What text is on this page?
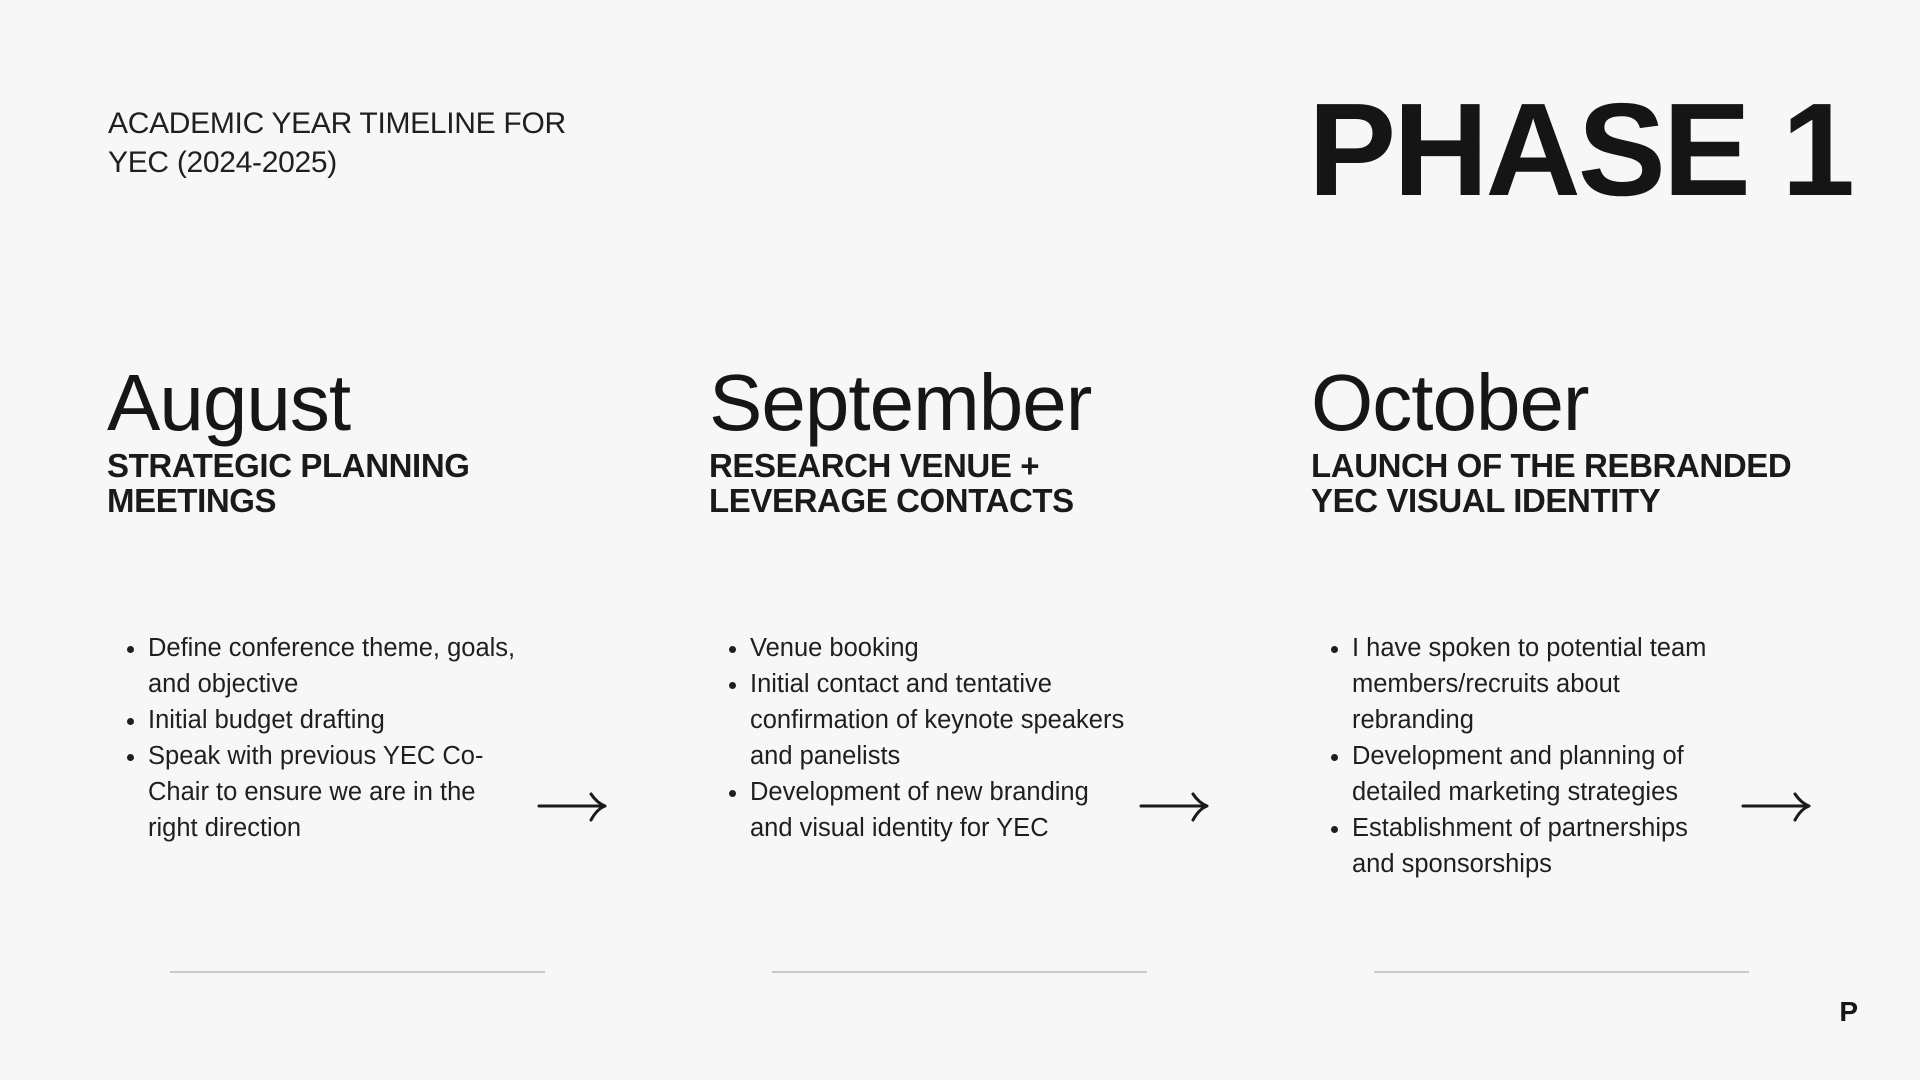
ACADEMIC YEAR TIMELINE FOR
YEC (2024-2025)	PHASE 1
August
STRATEGIC PLANNING
MEETINGS
Define conference theme, goals, and objective
Initial budget drafting
Speak with previous YEC Co-Chair to ensure we are in the right direction
September
RESEARCH VENUE +
LEVERAGE CONTACTS
Venue booking
Initial contact and tentative confirmation of keynote speakers and panelists
Development of new branding and visual identity for YEC
October
LAUNCH OF THE REBRANDED
YEC VISUAL IDENTITY
I have spoken to potential team members/recruits about rebranding
Development and planning of detailed marketing strategies
Establishment of partnerships and sponsorships
P
